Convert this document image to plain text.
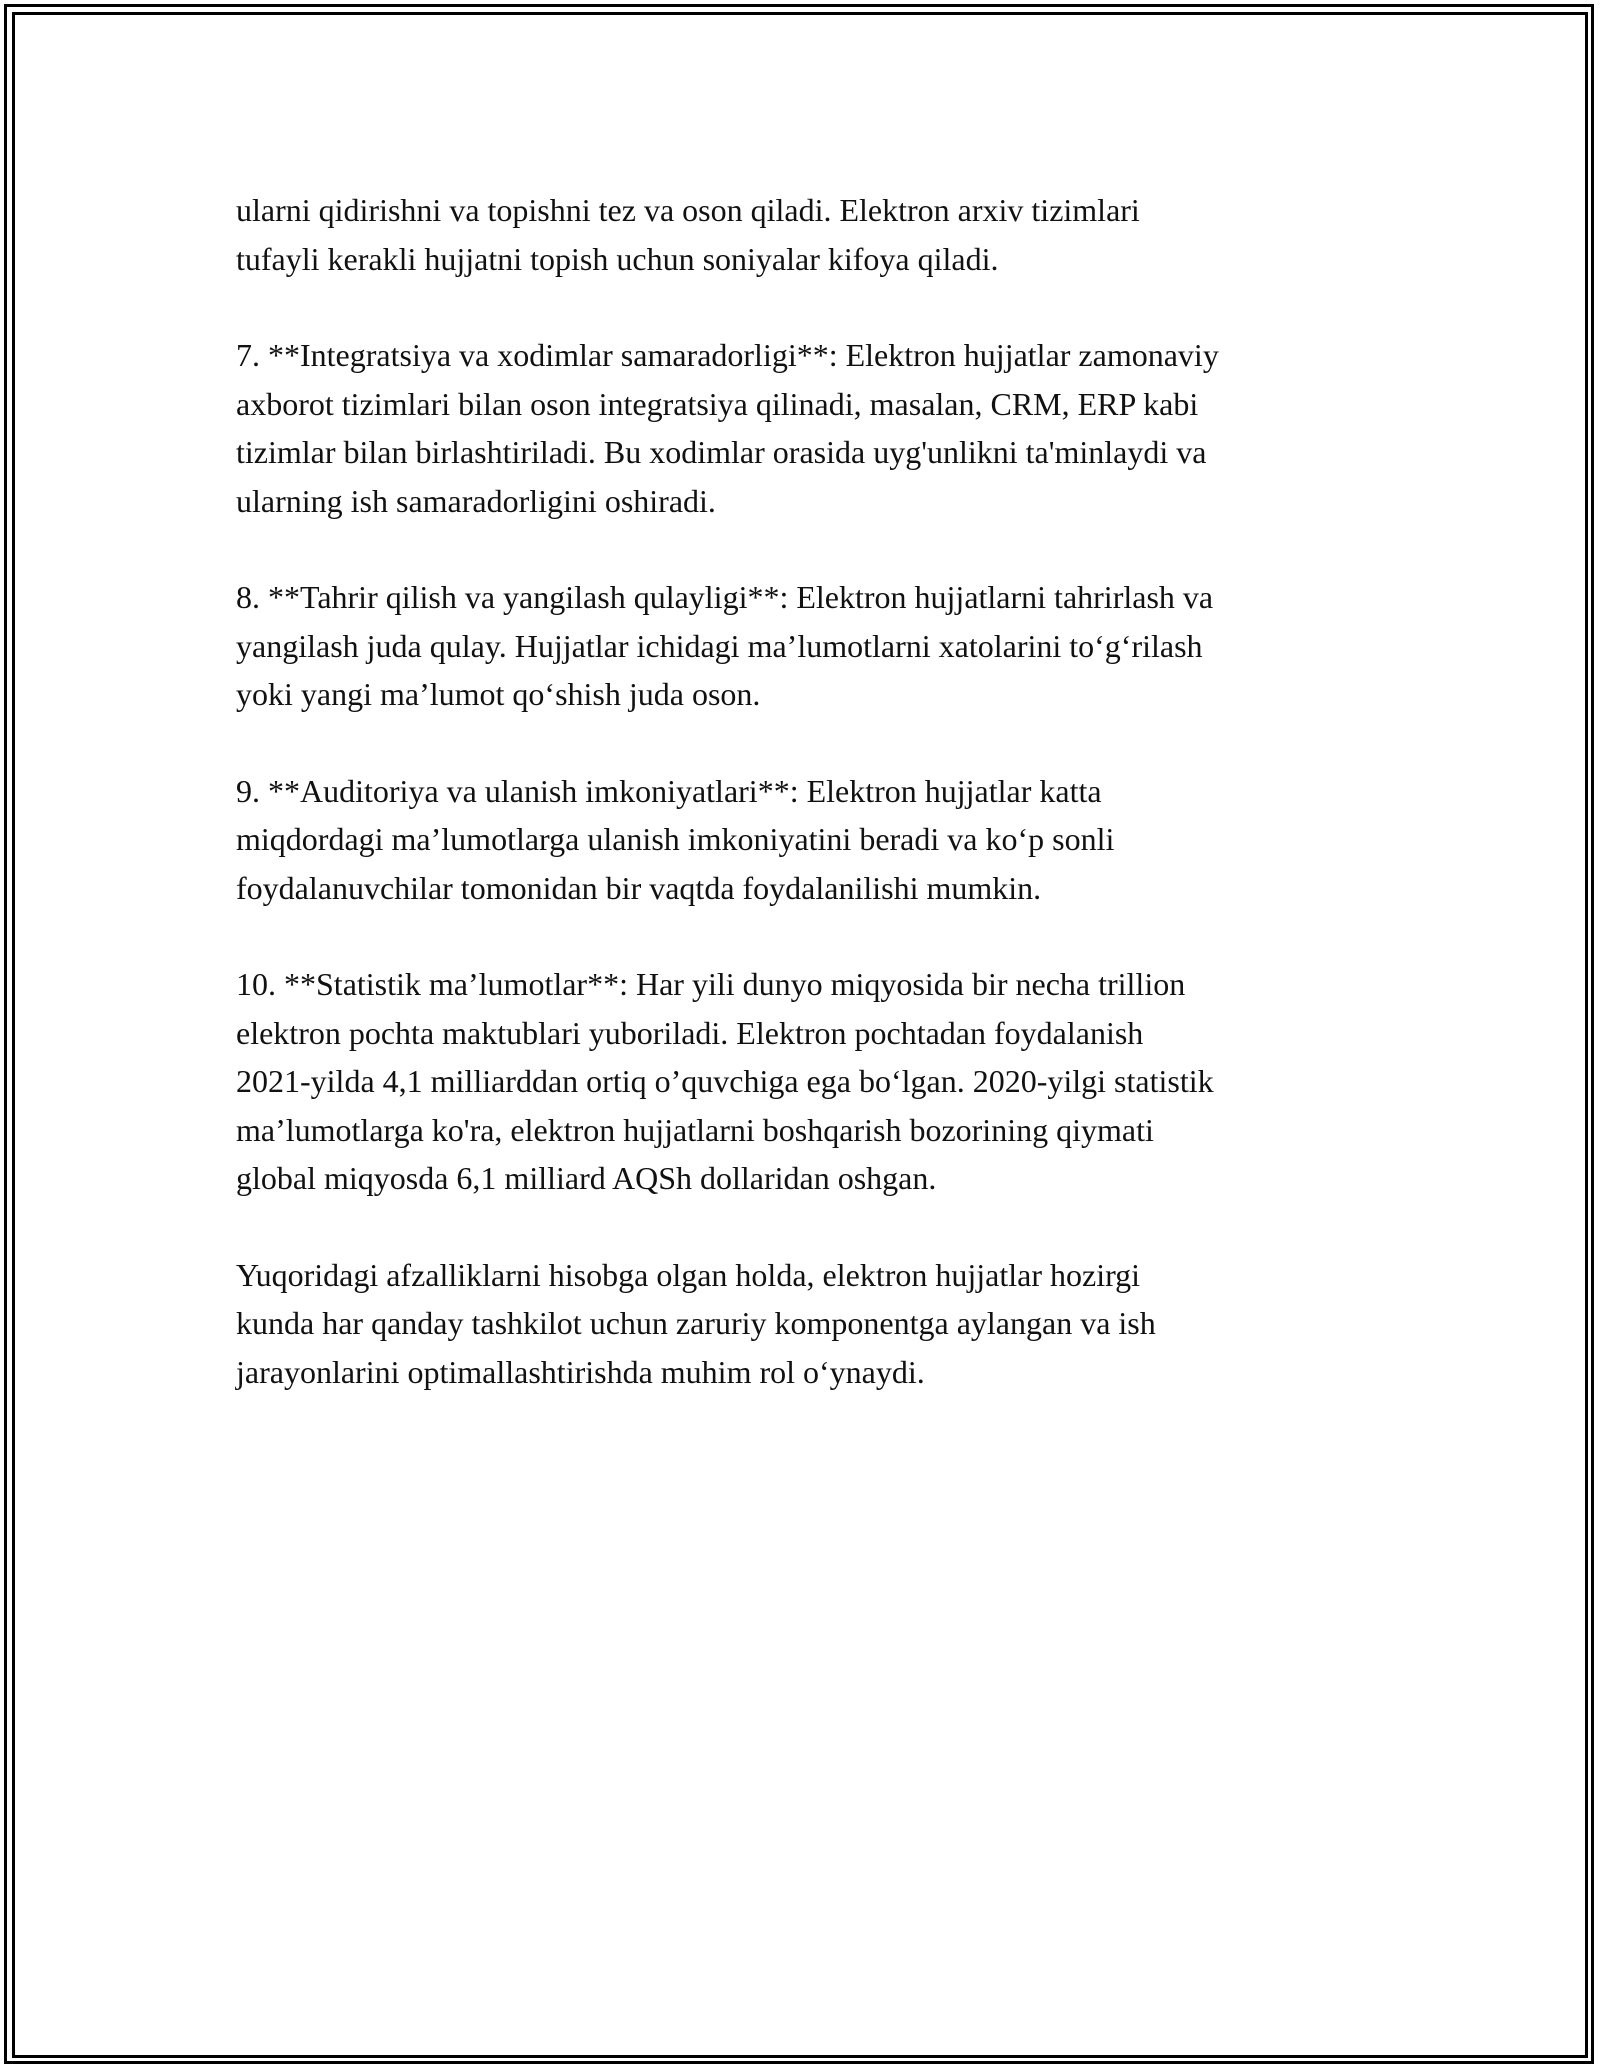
ularni qidirishni va topishni tez va oson qiladi. Elektron arxiv tizimlari
tufayli kerakli hujjatni topish uchun soniyalar kifoya qiladi.

7. **Integratsiya va xodimlar samaradorligi**: Elektron hujjatlar zamonaviy
axborot tizimlari bilan oson integratsiya qilinadi, masalan, CRM, ERP kabi
tizimlar bilan birlashtiriladi. Bu xodimlar orasida uyg'unlikni ta'minlaydi va
ularning ish samaradorligini oshiradi.

8. **Tahrir qilish va yangilash qulayligi**: Elektron hujjatlarni tahrirlash va
yangilash juda qulay. Hujjatlar ichidagi ma’lumotlarni xatolarini to‘g‘rilash
yoki yangi ma’lumot qo‘shish juda oson.

9. **Auditoriya va ulanish imkoniyatlari**: Elektron hujjatlar katta
miqdordagi ma’lumotlarga ulanish imkoniyatini beradi va ko‘p sonli
foydalanuvchilar tomonidan bir vaqtda foydalanilishi mumkin.

10. **Statistik ma’lumotlar**: Har yili dunyo miqyosida bir necha trillion
elektron pochta maktublari yuboriladi. Elektron pochtadan foydalanish
2021-yilda 4,1 milliarddan ortiq o’quvchiga ega bo‘lgan. 2020-yilgi statistik
ma’lumotlarga ko'ra, elektron hujjatlarni boshqarish bozorining qiymati
global miqyosda 6,1 milliard AQSh dollaridan oshgan.

Yuqoridagi afzalliklarni hisobga olgan holda, elektron hujjatlar hozirgi
kunda har qanday tashkilot uchun zaruriy komponentga aylangan va ish
jarayonlarini optimallashtirishda muhim rol o‘ynaydi.
